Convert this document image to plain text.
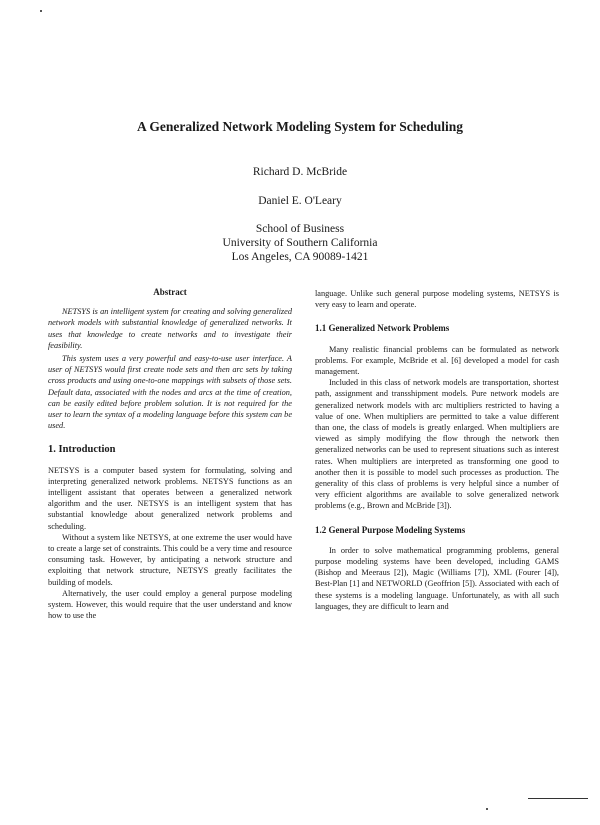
A Generalized Network Modeling System for Scheduling
Richard D. McBride
Daniel E. O'Leary
School of Business
University of Southern California
Los Angeles, CA 90089-1421
Abstract

NETSYS is an intelligent system for creating and solving generalized network models with substantial knowledge of generalized networks. It uses that knowledge to create networks and to investigate their feasibility.

This system uses a very powerful and easy-to-use user interface. A user of NETSYS would first create node sets and then arc sets by taking cross products and using one-to-one mappings with subsets of those sets. Default data, associated with the nodes and arcs at the time of creation, can be easily edited before problem solution. It is not required for the user to learn the syntax of a modeling language before this system can be used.

1. Introduction

NETSYS is a computer based system for formulating, solving and interpreting generalized network problems. NETSYS functions as an intelligent assistant that operates between a generalized network algorithm and the user. NETSYS is an intelligent system that has substantial knowledge about generalized network problems and scheduling.

Without a system like NETSYS, at one extreme the user would have to create a large set of constraints. This could be a very time and resource consuming task. However, by anticipating a network structure and exploiting that network structure, NETSYS greatly facilitates the building of models.

Alternatively, the user could employ a general purpose modeling system. However, this would require that the user understand and know how to use the

language. Unlike such general purpose modeling systems, NETSYS is very easy to learn and operate.

1.1 Generalized Network Problems

Many realistic financial problems can be formulated as network problems. For example, McBride et al. [6] developed a model for cash management.

Included in this class of network models are transportation, shortest path, assignment and transshipment models. Pure network models are generalized network models with arc multipliers restricted to having a value of one. When multipliers are permitted to take a value different than one, the class of models is greatly enlarged. When multipliers are viewed as simply modifying the flow through the network then generalized networks can be used to represent situations such as interest rates. When multipliers are interpreted as transforming one good to another then it is possible to model such processes as production. The generality of this class of problems is very helpful since a number of very efficient algorithms are available to solve generalized network problems (e.g., Brown and McBride [3]).

1.2 General Purpose Modeling Systems

In order to solve mathematical programming problems, general purpose modeling systems have been developed, including GAMS (Bishop and Meeraus [2]), Magic (Williams [7]), XML (Fourer [4]), Best-Plan [1] and NETWORLD (Geoffrion [5]). Associated with each of these systems is a modeling language. Unfortunately, as with all such languages, they are difficult to learn and
